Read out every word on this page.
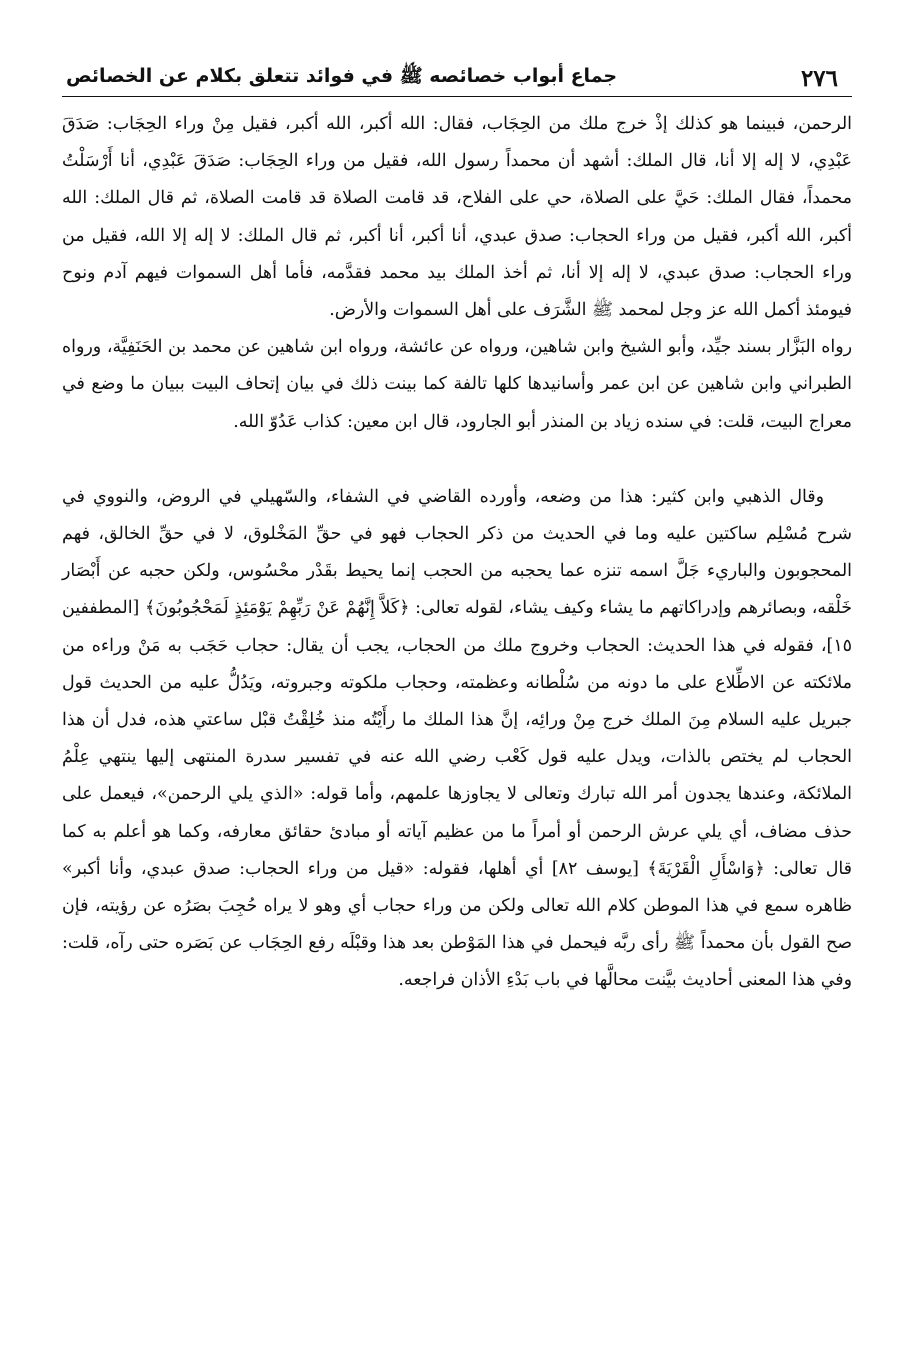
٢٧٦
جماع أبواب خصائصه ﷺ في فوائد تتعلق بكلام عن الخصائص

الرحمن، فبينما هو كذلك إذْ خرج ملك من الحِجَاب، فقال: الله أكبر، الله أكبر، فقيل مِنْ وراء الحِجَاب: صَدَقَ عَبْدِي، لا إله إلا أنا، قال الملك: أشهد أن محمداً رسول الله، فقيل من وراء الحِجَاب: صَدَقَ عَبْدِي، أنا أَرْسَلْتُ محمداً، فقال الملك: حَيَّ على الصلاة، حي على الفلاح، قد قامت الصلاة قد قامت الصلاة، ثم قال الملك: الله أكبر، الله أكبر، فقيل من وراء الحجاب: صدق عبدي، أنا أكبر، أنا أكبر، ثم قال الملك: لا إله إلا الله، فقيل من وراء الحجاب: صدق عبدي، لا إله إلا أنا، ثم أخذ الملك بيد محمد فقدَّمه، فأما أهل السموات فيهم آدم ونوح فيومئذ أكمل الله عز وجل لمحمد ﷺ الشَّرَف على أهل السموات والأرض.

رواه البَزَّار بسند جيِّد، وأبو الشيخ وابن شاهين، ورواه عن عائشة، ورواه ابن شاهين عن محمد بن الحَنَفِيَّة، ورواه الطبراني وابن شاهين عن ابن عمر وأسانيدها كلها تالفة كما بينت ذلك في بيان إتحاف البيت ببيان ما وضع في معراج البيت، قلت: في سنده زياد بن المنذر أبو الجارود، قال ابن معين: كذاب عَدُوّ الله.

وقال الذهبي وابن كثير: هذا من وضعه، وأورده القاضي في الشفاء، والسّهيلي في الروض، والنووي في شرح مُسْلِم ساكتين عليه وما في الحديث من ذكر الحجاب فهو في حقِّ المَخْلوق، لا في حقِّ الخالق، فهم المحجوبون والباريء جَلَّ اسمه تنزه عما يحجبه من الحجب إنما يحيط بقَدْر محْسُوس، ولكن حجبه عن أَبْصَار خَلْقه، وبصائرهم وإدراكاتهم ما يشاء وكيف يشاء، لقوله تعالى: ﴿كَلاَّ إِنَّهُمْ عَنْ رَبِّهِمْ يَوْمَئِذٍ لَمَحْجُوبُونَ﴾ [المطففين ١٥]، فقوله في هذا الحديث: الحجاب وخروج ملك من الحجاب، يجب أن يقال: حجاب حَجَب به مَنْ وراءه من ملائكته عن الاطِّلاع على ما دونه من سُلْطانه وعظمته، وحجاب ملكوته وجبروته، ويَدُلُّ عليه من الحديث قول جبريل عليه السلام مِنَ الملك خرج مِنْ ورائِه، إنَّ هذا الملك ما رأَيْتُه منذ خُلِقْتُ قبْل ساعتي هذه، فدل أن هذا الحجاب لم يختص بالذات، ويدل عليه قول كَعْب رضي الله عنه في تفسير سدرة المنتهى إليها ينتهي عِلْمُ الملائكة، وعندها يجدون أمر الله تبارك وتعالى لا يجاوزها علمهم، وأما قوله: «الذي يلي الرحمن»، فيعمل على حذف مضاف، أي يلي عرش الرحمن أو أمراً ما من عظيم آياته أو مبادئ حقائق معارفه، وكما هو أعلم به كما قال تعالى: ﴿وَاسْأَلِ الْقَرْيَةَ﴾ [يوسف ٨٢] أي أهلها، فقوله: «قيل من وراء الحجاب: صدق عبدي، وأنا أكبر» ظاهره سمع في هذا الموطن كلام الله تعالى ولكن من وراء حجاب أي وهو لا يراه حُجِبَ بصَرُه عن رؤيته، فإن صح القول بأن محمداً ﷺ رأى ربَّه فيحمل في هذا المَوْطن بعد هذا وقبْلَه رفع الحِجَاب عن بَصَره حتى رآه، قلت: وفي هذا المعنى أحاديث بيَّنت محالَّها في باب بَدْءِ الأذان فراجعه.
